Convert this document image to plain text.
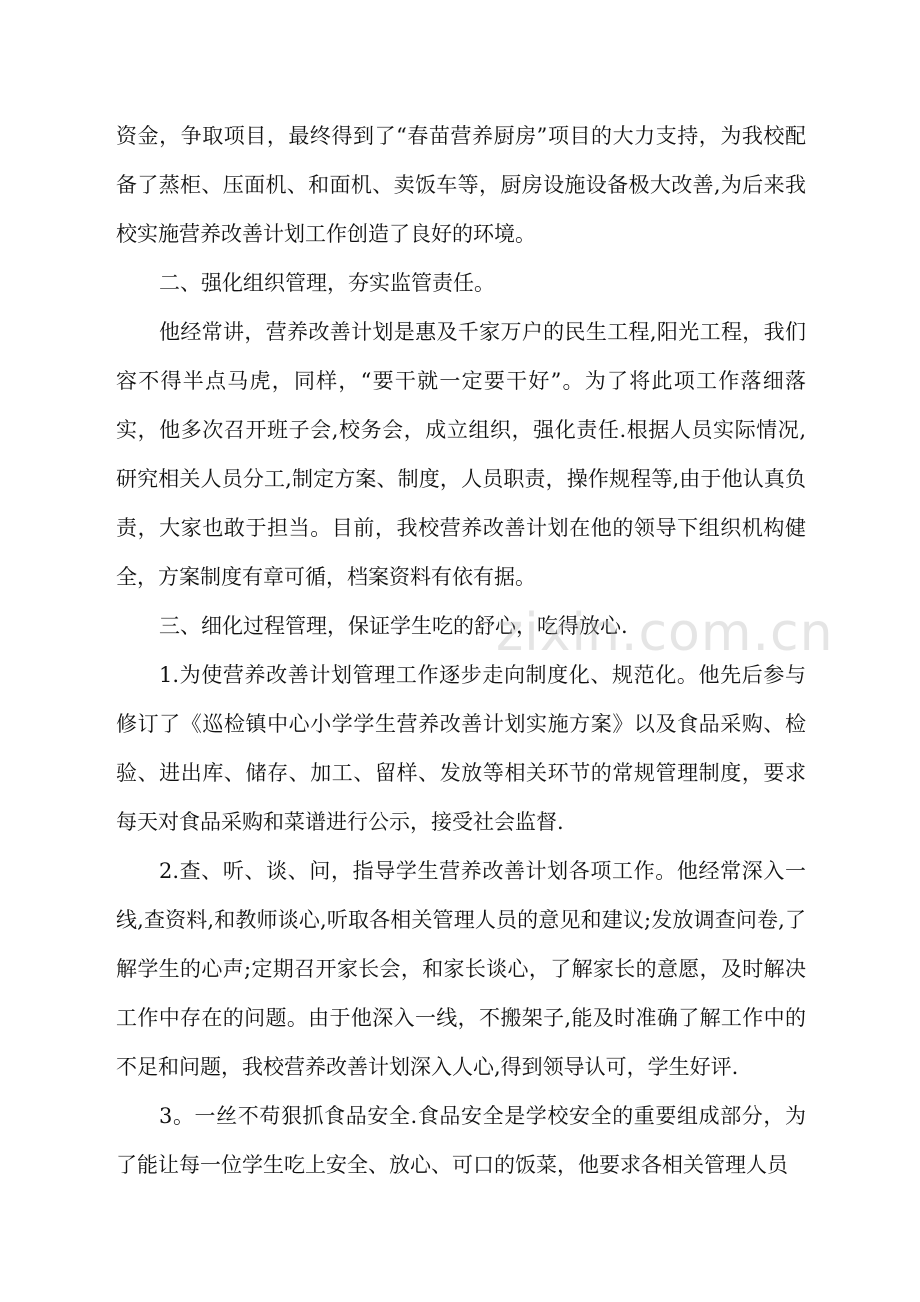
资金，争取项目，最终得到了“春苗营养厨房”项目的大力支持，为我校配备了蒸柜、压面机、和面机、卖饭车等，厨房设施设备极大改善,为后来我校实施营养改善计划工作创造了良好的环境。

二、强化组织管理，夯实监管责任。

他经常讲，营养改善计划是惠及千家万户的民生工程,阳光工程，我们容不得半点马虎，同样，“要干就一定要干好”。为了将此项工作落细落实，他多次召开班子会,校务会，成立组织，强化责任.根据人员实际情况,研究相关人员分工,制定方案、制度，人员职责，操作规程等,由于他认真负责，大家也敢于担当。目前，我校营养改善计划在他的领导下组织机构健全，方案制度有章可循，档案资料有依有据。

三、细化过程管理，保证学生吃的舒心，吃得放心.

1.为使营养改善计划管理工作逐步走向制度化、规范化。他先后参与修订了《巡检镇中心小学学生营养改善计划实施方案》以及食品采购、检验、进出库、储存、加工、留样、发放等相关环节的常规管理制度，要求每天对食品采购和菜谱进行公示，接受社会监督.

2.查、听、谈、问，指导学生营养改善计划各项工作。他经常深入一线,查资料,和教师谈心,听取各相关管理人员的意见和建议;发放调查问卷,了解学生的心声;定期召开家长会，和家长谈心，了解家长的意愿，及时解决工作中存在的问题。由于他深入一线，不搬架子,能及时准确了解工作中的不足和问题，我校营养改善计划深入人心,得到领导认可，学生好评.

3。一丝不苟狠抓食品安全.食品安全是学校安全的重要组成部分，为了能让每一位学生吃上安全、放心、可口的饭菜，他要求各相关管理人员

zixin.com.cn
